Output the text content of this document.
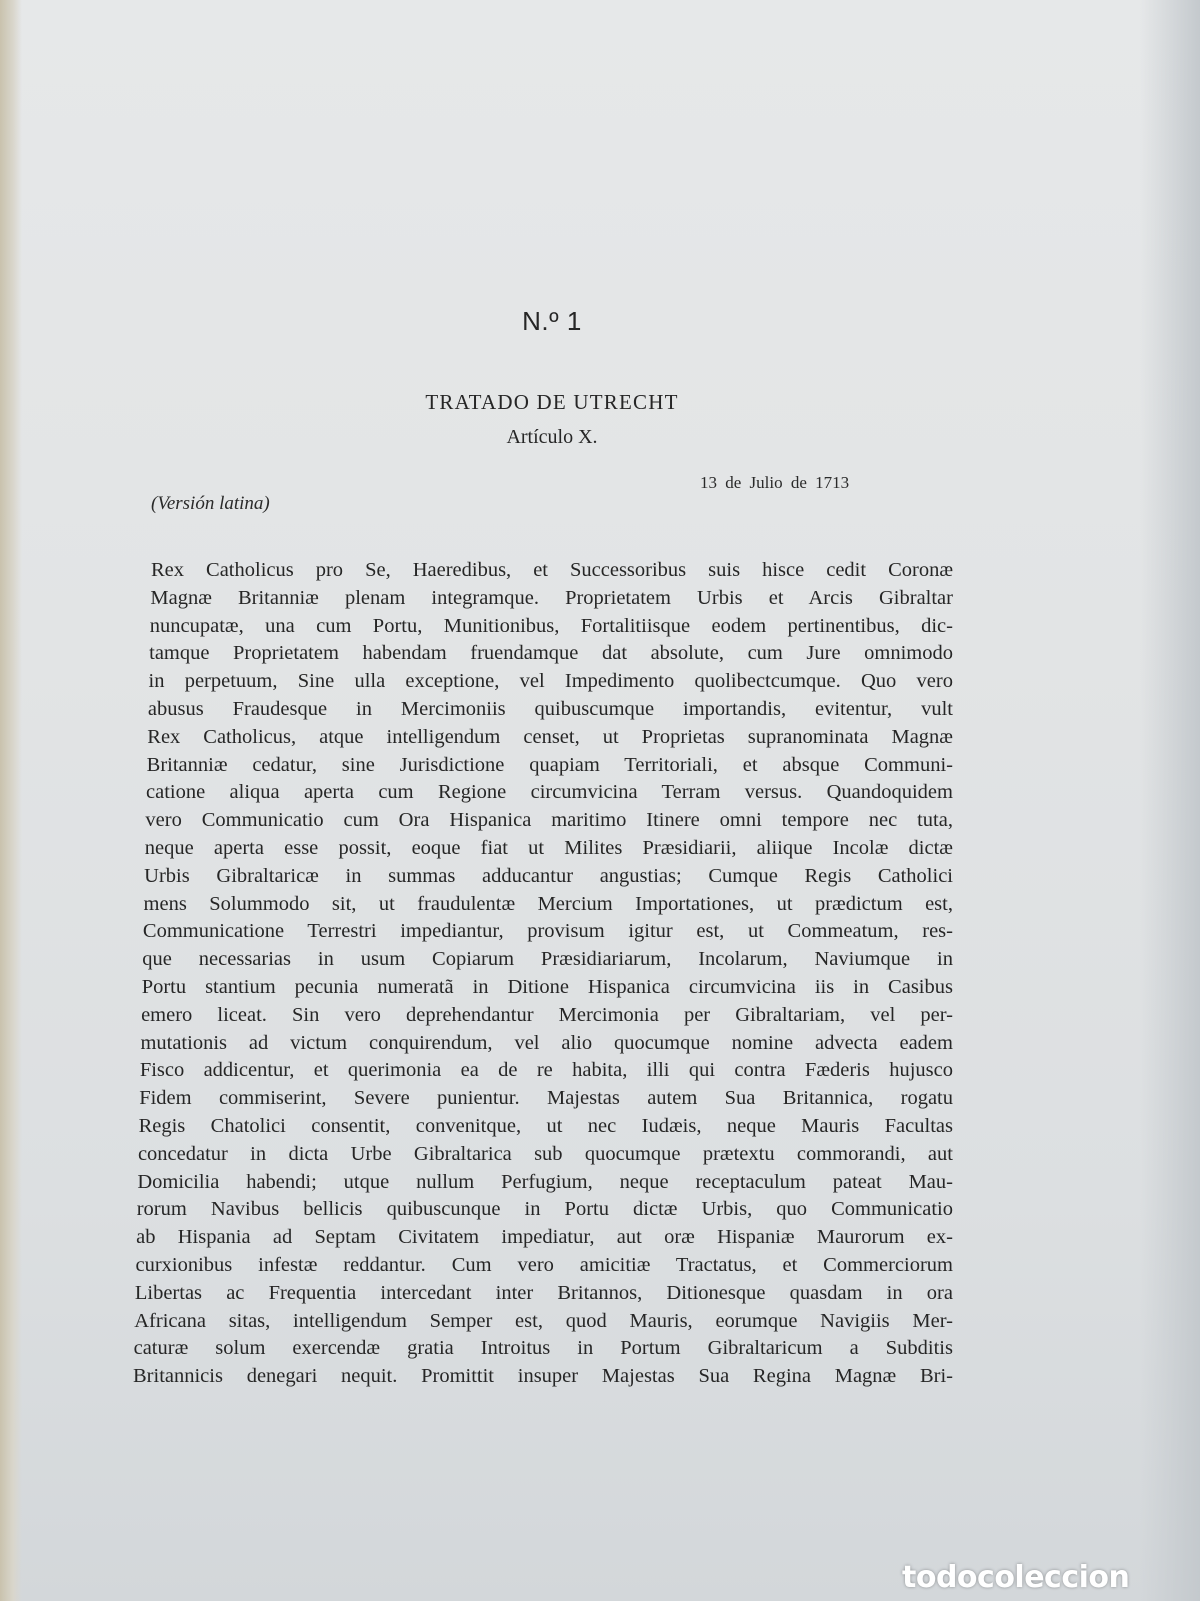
N.º 1
TRATADO DE UTRECHT
Artículo X.
13 de Julio de 1713
(Versión latina)
Rex Catholicus pro Se, Haeredibus, et Successoribus suis hisce cedit Coronæ
Magnæ Britanniæ plenam integramque. Proprietatem Urbis et Arcis Gibraltar
nuncupatæ, una cum Portu, Munitionibus, Fortalitiisque eodem pertinentibus, dic-
tamque Proprietatem habendam fruendamque dat absolute, cum Jure omnimodo
in perpetuum, Sine ulla exceptione, vel Impedimento quolibectcumque. Quo vero
abusus Fraudesque in Mercimoniis quibuscumque importandis, evitentur, vult
Rex Catholicus, atque intelligendum censet, ut Proprietas supranominata Magnæ
Britanniæ cedatur, sine Jurisdictione quapiam Territoriali, et absque Communi-
catione aliqua aperta cum Regione circumvicina Terram versus. Quandoquidem
vero Communicatio cum Ora Hispanica maritimo Itinere omni tempore nec tuta,
neque aperta esse possit, eoque fiat ut Milites Præsidiarii, aliique Incolæ dictæ
Urbis Gibraltaricæ in summas adducantur angustias; Cumque Regis Catholici
mens Solummodo sit, ut fraudulentæ Mercium Importationes, ut prædictum est,
Communicatione Terrestri impediantur, provisum igitur est, ut Commeatum, res-
que necessarias in usum Copiarum Præsidiariarum, Incolarum, Naviumque in
Portu stantium pecunia numeratã in Ditione Hispanica circumvicina iis in Casibus
emero liceat. Sin vero deprehendantur Mercimonia per Gibraltariam, vel per-
mutationis ad victum conquirendum, vel alio quocumque nomine advecta eadem
Fisco addicentur, et querimonia ea de re habita, illi qui contra Fæderis hujusco
Fidem commiserint, Severe punientur. Majestas autem Sua Britannica, rogatu
Regis Chatolici consentit, convenitque, ut nec Iudæis, neque Mauris Facultas
concedatur in dicta Urbe Gibraltarica sub quocumque prætextu commorandi, aut
Domicilia habendi; utque nullum Perfugium, neque receptaculum pateat Mau-
rorum Navibus bellicis quibuscunque in Portu dictæ Urbis, quo Communicatio
ab Hispania ad Septam Civitatem impediatur, aut oræ Hispaniæ Maurorum ex-
curxionibus infestæ reddantur. Cum vero amicitiæ Tractatus, et Commerciorum
Libertas ac Frequentia intercedant inter Britannos, Ditionesque quasdam in ora
Africana sitas, intelligendum Semper est, quod Mauris, eorumque Navigiis Mer-
caturæ solum exercendæ gratia Introitus in Portum Gibraltaricum a Subditis
Britannicis denegari nequit. Promittit insuper Majestas Sua Regina Magnæ Bri-
todocoleccion
